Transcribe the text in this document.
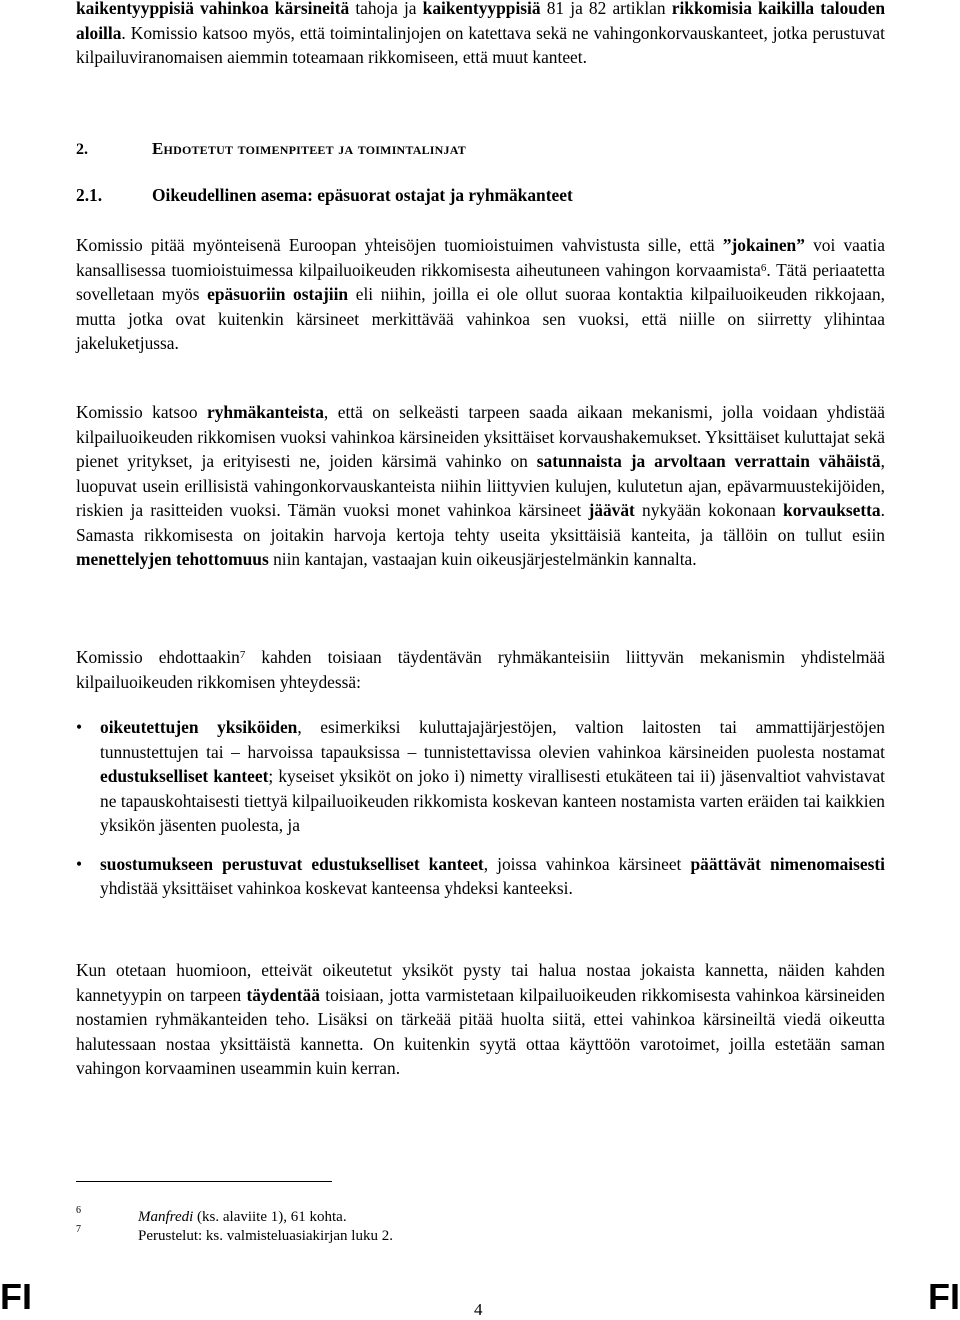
kaikentyyppisiä vahinkoa kärsineitä tahoja ja kaikentyyppisiä 81 ja 82 artiklan rikkomisia kaikilla talouden aloilla. Komissio katsoo myös, että toimintalinjojen on katettava sekä ne vahingonkorvauskanteet, jotka perustuvat kilpailuviranomaisen aiemmin toteamaan rikkomiseen, että muut kanteet.

2.	Ehdotetut toimenpiteet ja toimintalinjat
2.1.	Oikeudellinen asema: epäsuorat ostajat ja ryhmäkanteet

Komissio pitää myönteisenä Euroopan yhteisöjen tuomioistuimen vahvistusta sille, että ”jokainen” voi vaatia kansallisessa tuomioistuimessa kilpailuoikeuden rikkomisesta aiheutuneen vahingon korvaamista$^6$. Tätä periaatetta sovelletaan myös epäsuoriin ostajiin eli niihin, joilla ei ole ollut suoraa kontaktia kilpailuoikeuden rikkojaan, mutta jotka ovat kuitenkin kärsineet merkittävää vahinkoa sen vuoksi, että niille on siirretty ylihintaa jakeluketjussa.

Komissio katsoo ryhmäkanteista, että on selkeästi tarpeen saada aikaan mekanismi, jolla voidaan yhdistää kilpailuoikeuden rikkomisen vuoksi vahinkoa kärsineiden yksittäiset korvaushakemukset. Yksittäiset kuluttajat sekä pienet yritykset, ja erityisesti ne, joiden kärsimä vahinko on satunnaista ja arvoltaan verrattain vähäistä, luopuvat usein erillisistä vahingonkorvauskanteista niihin liittyvien kulujen, kulutetun ajan, epävarmuustekijöiden, riskien ja rasitteiden vuoksi. Tämän vuoksi monet vahinkoa kärsineet jäävät nykyään kokonaan korvauksetta. Samasta rikkomisesta on joitakin harvoja kertoja tehty useita yksittäisiä kanteita, ja tällöin on tullut esiin menettelyjen tehottomuus niin kantajan, vastaajan kuin oikeusjärjestelmänkin kannalta.

Komissio ehdottaakin$^7$ kahden toisiaan täydentävän ryhmäkanteisiin liittyvän mekanismin yhdistelmää kilpailuoikeuden rikkomisen yhteydessä:

• oikeutettujen yksiköiden, esimerkiksi kuluttajajärjestöjen, valtion laitosten tai ammattijärjestöjen tunnustettujen tai – harvoissa tapauksissa – tunnistettavissa olevien vahinkoa kärsineiden puolesta nostamat edustukselliset kanteet; kyseiset yksiköt on joko i) nimetty virallisesti etukäteen tai ii) jäsenvaltiot vahvistavat ne tapauskohtaisesti tiettyä kilpailuoikeuden rikkomista koskevan kanteen nostamista varten eräiden tai kaikkien yksikön jäsenten puolesta, ja
• suostumukseen perustuvat edustukselliset kanteet, joissa vahinkoa kärsineet päättävät nimenomaisesti yhdistää yksittäiset vahinkoa koskevat kanteensa yhdeksi kanteeksi.

Kun otetaan huomioon, etteivät oikeutetut yksiköt pysty tai halua nostaa jokaista kannetta, näiden kahden kannetyypin on tarpeen täydentää toisiaan, jotta varmistetaan kilpailuoikeuden rikkomisesta vahinkoa kärsineiden nostamien ryhmäkanteiden teho. Lisäksi on tärkeää pitää huolta siitä, ettei vahinkoa kärsineiltä viedä oikeutta halutessaan nostaa yksittäistä kannetta. On kuitenkin syytä ottaa käyttöön varotoimet, joilla estetään saman vahingon korvaaminen useammin kuin kerran.

6	Manfredi (ks. alaviite 1), 61 kohta.
7	Perustelut: ks. valmisteluasiakirjan luku 2.
FI	4	FI
